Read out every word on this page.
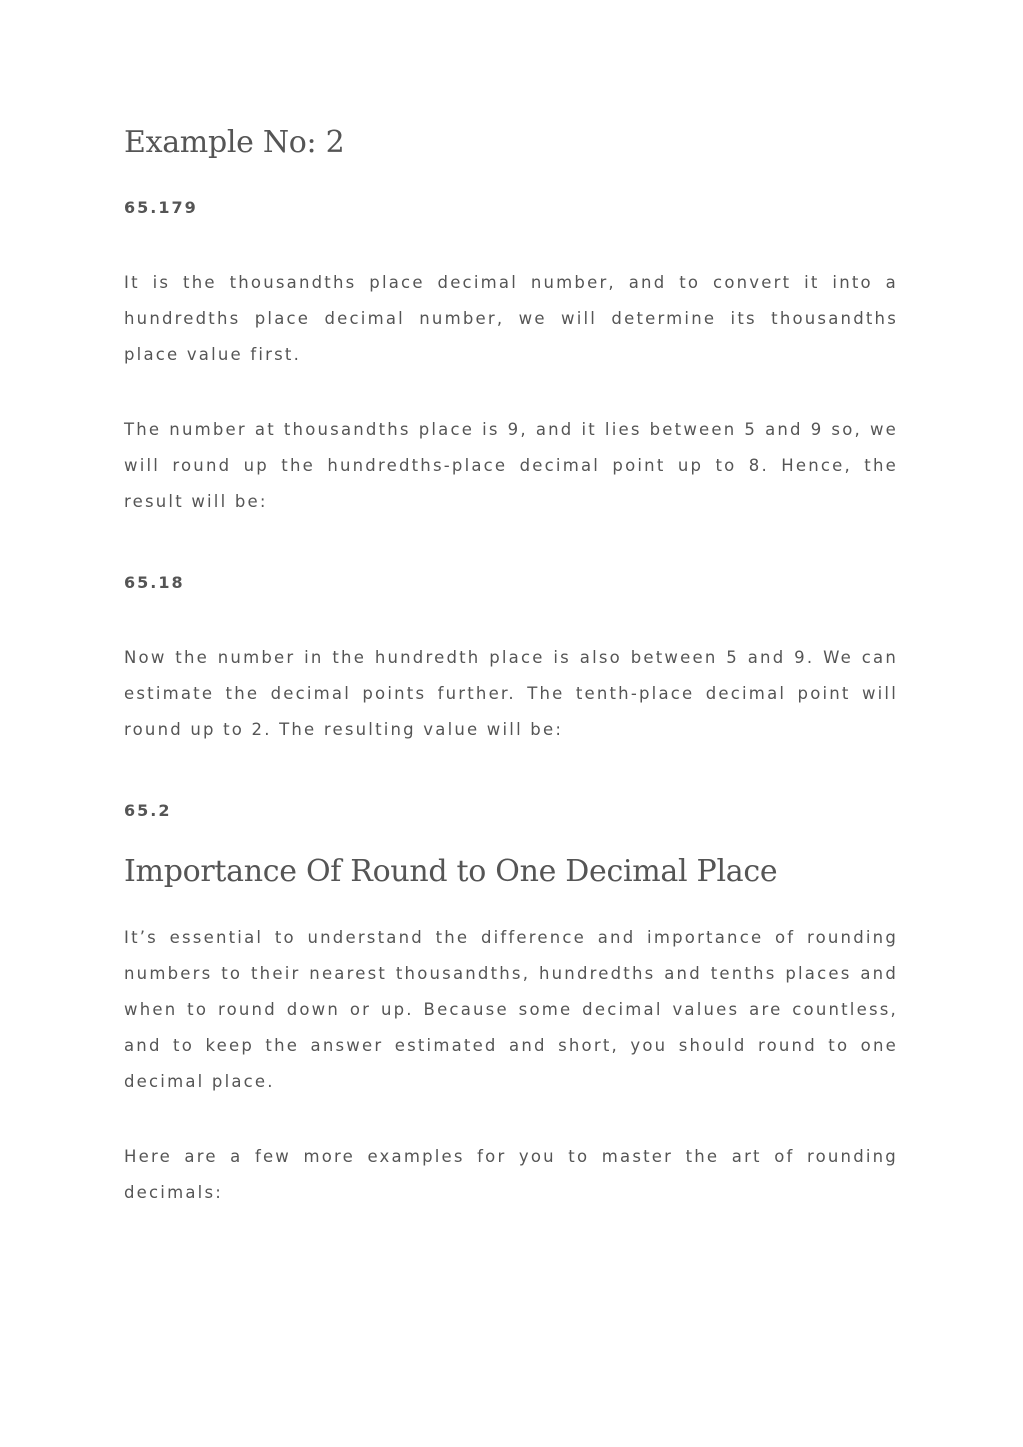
Example No: 2

65.179

It is the thousandths place decimal number, and to convert it into a hundredths place decimal number, we will determine its thousandths place value first.

The number at thousandths place is 9, and it lies between 5 and 9 so, we will round up the hundredths-place decimal point up to 8. Hence, the result will be:

65.18

Now the number in the hundredth place is also between 5 and 9. We can estimate the decimal points further. The tenth-place decimal point will round up to 2. The resulting value will be:

65.2

Importance Of Round to One Decimal Place

It’s essential to understand the difference and importance of rounding numbers to their nearest thousandths, hundredths and tenths places and when to round down or up. Because some decimal values are countless, and to keep the answer estimated and short, you should round to one decimal place.

Here are a few more examples for you to master the art of rounding decimals:
